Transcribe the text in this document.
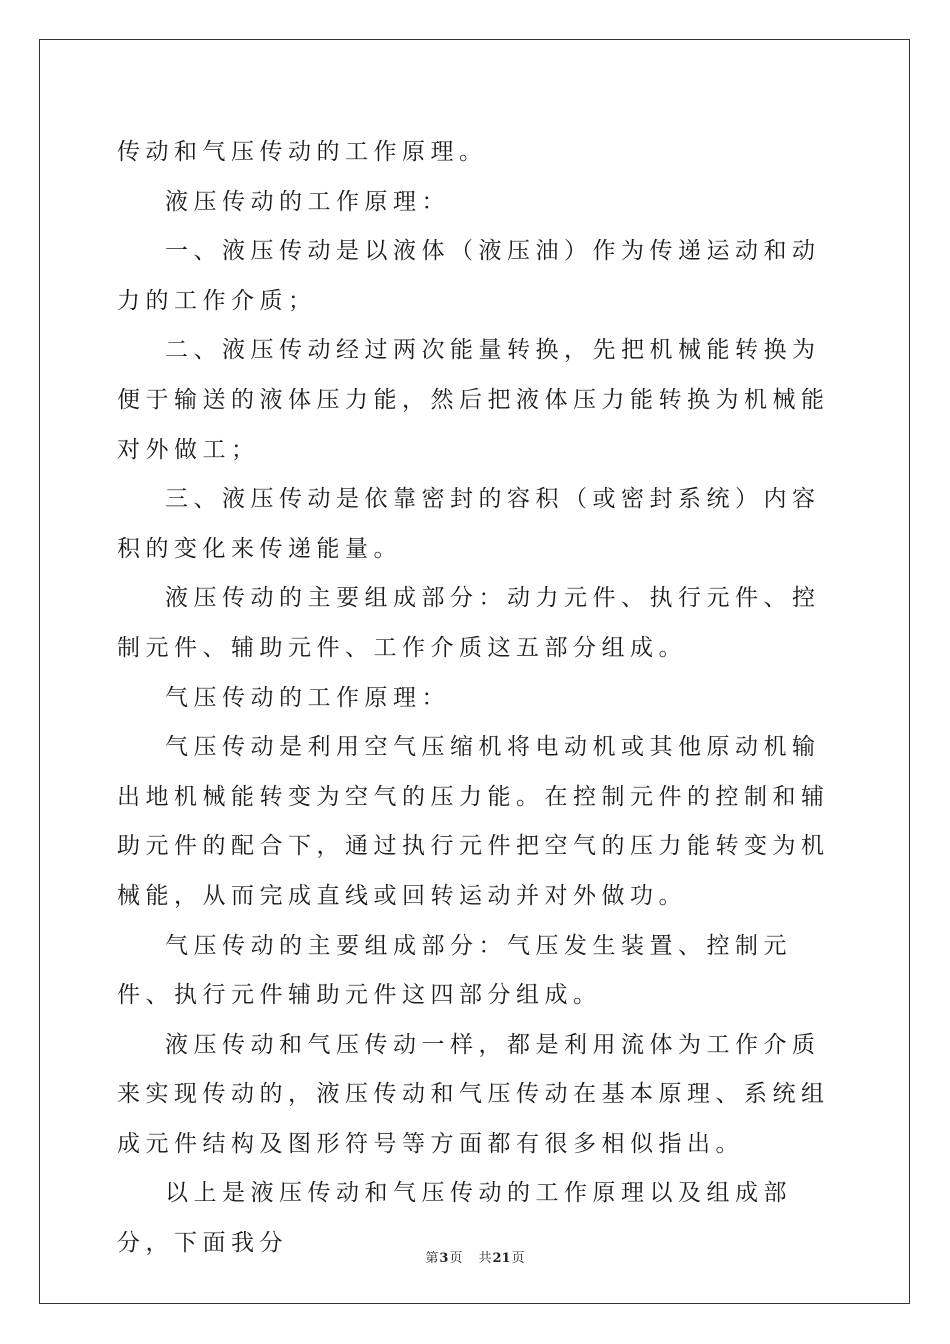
传动和气压传动的工作原理。

液压传动的工作原理：

一、液压传动是以液体（液压油）作为传递运动和动力的工作介质；

二、液压传动经过两次能量转换，先把机械能转换为便于输送的液体压力能，然后把液体压力能转换为机械能对外做工；

三、液压传动是依靠密封的容积（或密封系统）内容积的变化来传递能量。

液压传动的主要组成部分：动力元件、执行元件、控制元件、辅助元件、工作介质这五部分组成。

气压传动的工作原理：

气压传动是利用空气压缩机将电动机或其他原动机输出地机械能转变为空气的压力能。在控制元件的控制和辅助元件的配合下，通过执行元件把空气的压力能转变为机械能，从而完成直线或回转运动并对外做功。

气压传动的主要组成部分：气压发生装置、控制元件、执行元件辅助元件这四部分组成。

液压传动和气压传动一样，都是利用流体为工作介质来实现传动的，液压传动和气压传动在基本原理、系统组成元件结构及图形符号等方面都有很多相似指出。

以上是液压传动和气压传动的工作原理以及组成部分，下面我分

第3页 共21页
